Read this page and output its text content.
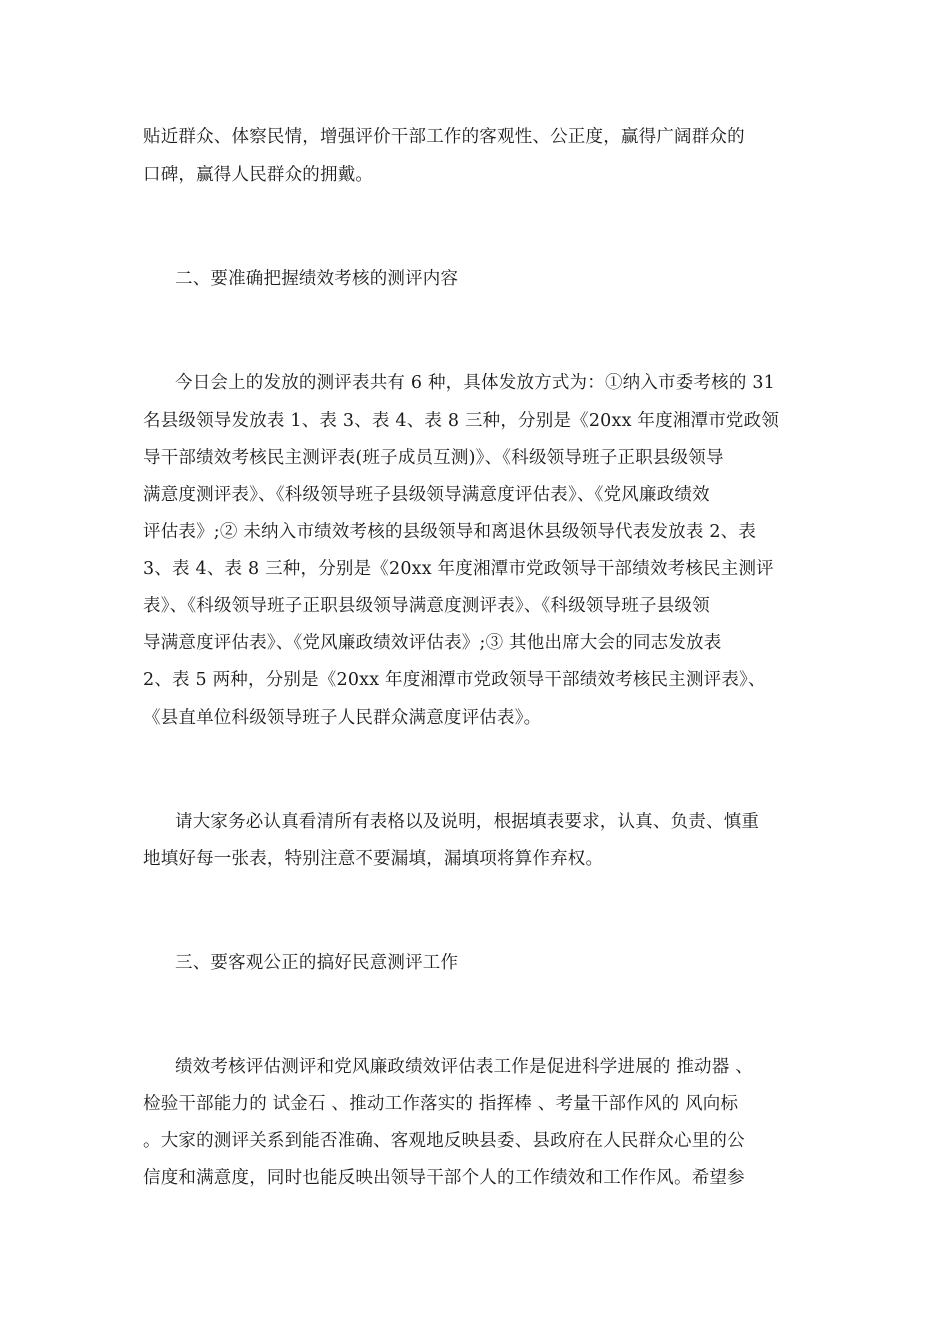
贴近群众、体察民情，增强评价干部工作的客观性、公正度，赢得广阔群众的
口碑，赢得人民群众的拥戴。
二、要准确把握绩效考核的测评内容
今日会上的发放的测评表共有 6 种，具体发放方式为：①纳入市委考核的 31
名县级领导发放表 1、表 3、表 4、表 8 三种，分别是《20xx 年度湘潭市党政领
导干部绩效考核民主测评表(班子成员互测)》、《科级领导班子正职县级领导
满意度测评表》、《科级领导班子县级领导满意度评估表》、《党风廉政绩效
评估表》;② 未纳入市绩效考核的县级领导和离退休县级领导代表发放表 2、表
3、表 4、表 8 三种，分别是《20xx 年度湘潭市党政领导干部绩效考核民主测评
表》、《科级领导班子正职县级领导满意度测评表》、《科级领导班子县级领
导满意度评估表》、《党风廉政绩效评估表》;③ 其他出席大会的同志发放表
2、表 5 两种，分别是《20xx 年度湘潭市党政领导干部绩效考核民主测评表》、
《县直单位科级领导班子人民群众满意度评估表》。
请大家务必认真看清所有表格以及说明，根据填表要求，认真、负责、慎重
地填好每一张表，特别注意不要漏填，漏填项将算作弃权。
三、要客观公正的搞好民意测评工作
绩效考核评估测评和党风廉政绩效评估表工作是促进科学进展的 推动器 、
检验干部能力的 试金石 、推动工作落实的 指挥棒 、考量干部作风的 风向标
。大家的测评关系到能否准确、客观地反映县委、县政府在人民群众心里的公
信度和满意度，同时也能反映出领导干部个人的工作绩效和工作作风。希望参
